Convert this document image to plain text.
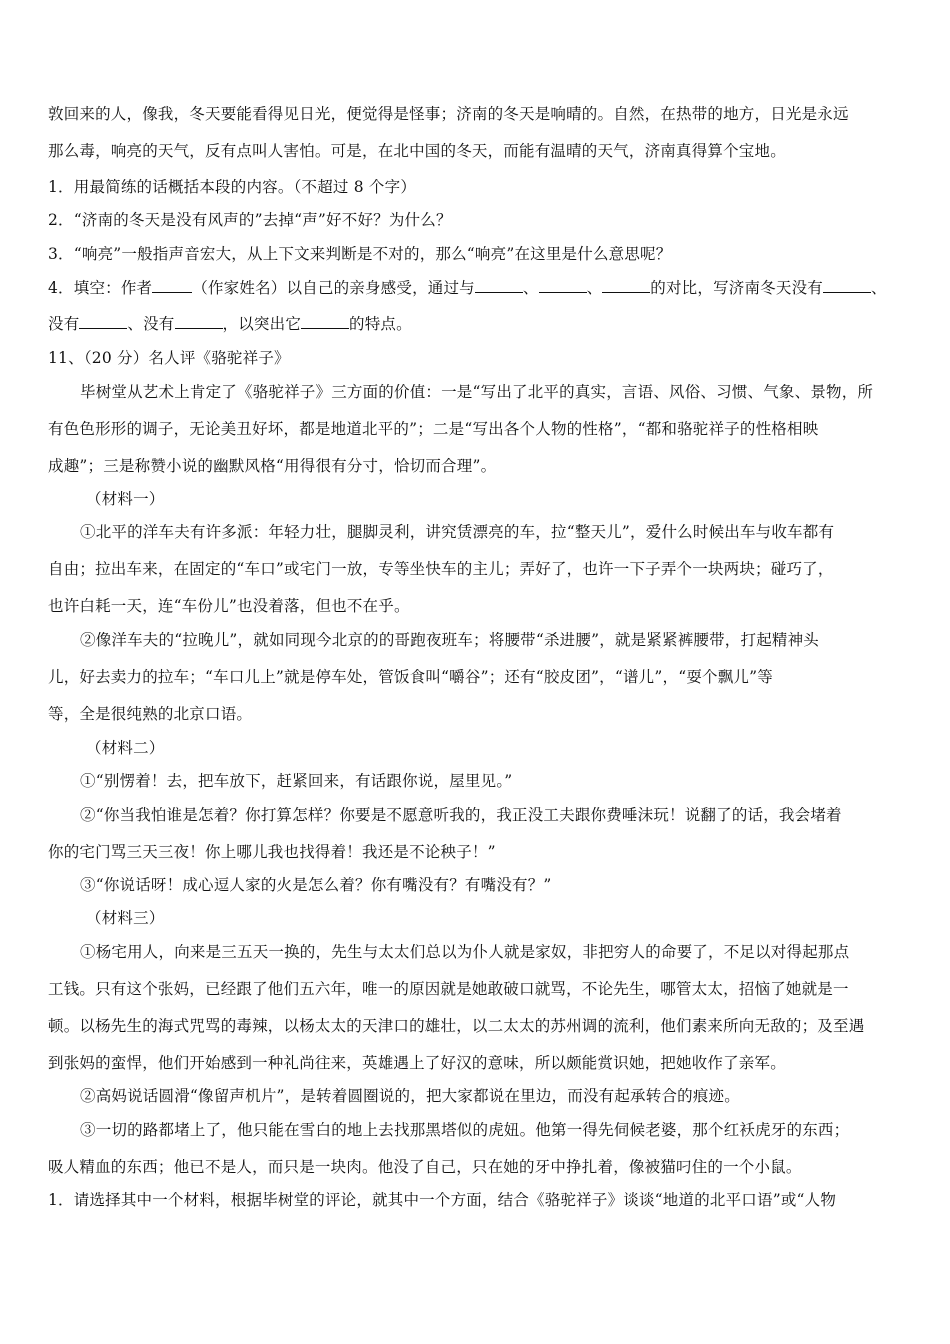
敦回来的人，像我，冬天要能看得见日光，便觉得是怪事；济南的冬天是响晴的。自然，在热带的地方，日光是永远
那么毒，响亮的天气，反有点叫人害怕。可是，在北中国的冬天，而能有温晴的天气，济南真得算个宝地。
1．用最简练的话概括本段的内容。（不超过 8 个字）
2．“济南的冬天是没有风声的”去掉“声”好不好？为什么？
3．“响亮”一般指声音宏大，从上下文来判断是不对的，那么“响亮”在这里是什么意思呢？
4．填空：作者	（作家姓名）以自己的亲身感受，通过与	、	、	的对比，写济南冬天没有	、
没有	、没有	，以突出它	的特点。
11、（20 分）名人评《骆驼祥子》
毕树堂从艺术上肯定了《骆驼祥子》三方面的价值：一是“写出了北平的真实，言语、风俗、习惯、气象、景物，所
有色色形形的调子，无论美丑好坏，都是地道北平的”；二是“写出各个人物的性格”，“都和骆驼祥子的性格相映
成趣”；三是称赞小说的幽默风格“用得很有分寸，恰切而合理”。
（材料一）
①北平的洋车夫有许多派：年轻力壮，腿脚灵利，讲究赁漂亮的车，拉“整天儿”，爱什么时候出车与收车都有
自由；拉出车来，在固定的“车口”或宅门一放，专等坐快车的主儿；弄好了，也许一下子弄个一块两块；碰巧了，
也许白耗一天，连“车份儿”也没着落，但也不在乎。
②像洋车夫的“拉晚儿”，就如同现今北京的的哥跑夜班车；将腰带“杀进腰”，就是紧紧裤腰带，打起精神头
儿，好去卖力的拉车；“车口儿上”就是停车处，管饭食叫“嚼谷”；还有“胶皮团”，“谱儿”，“耍个飘儿”等
等，全是很纯熟的北京口语。
（材料二）
①“别愣着！去，把车放下，赶紧回来，有话跟你说，屋里见。”
②“你当我怕谁是怎着？你打算怎样？你要是不愿意听我的，我正没工夫跟你费唾沫玩！说翻了的话，我会堵着
你的宅门骂三天三夜！你上哪儿我也找得着！我还是不论秧子！”
③“你说话呀！成心逗人家的火是怎么着？你有嘴没有？有嘴没有？”
（材料三）
①杨宅用人，向来是三五天一换的，先生与太太们总以为仆人就是家奴，非把穷人的命要了，不足以对得起那点
工钱。只有这个张妈，已经跟了他们五六年，唯一的原因就是她敢破口就骂，不论先生，哪管太太，招恼了她就是一
顿。以杨先生的海式咒骂的毒辣，以杨太太的天津口的雄壮，以二太太的苏州调的流利，他们素来所向无敌的；及至遇
到张妈的蛮悍，他们开始感到一种礼尚往来，英雄遇上了好汉的意味，所以颇能赏识她，把她收作了亲军。
②高妈说话圆滑“像留声机片”，是转着圆圈说的，把大家都说在里边，而没有起承转合的痕迹。
③一切的路都堵上了，他只能在雪白的地上去找那黑塔似的虎妞。他第一得先伺候老婆，那个红袄虎牙的东西；
吸人精血的东西；他已不是人，而只是一块肉。他没了自己，只在她的牙中挣扎着，像被猫叼住的一个小鼠。
1．请选择其中一个材料，根据毕树堂的评论，就其中一个方面，结合《骆驼祥子》谈谈“地道的北平口语”或“人物
